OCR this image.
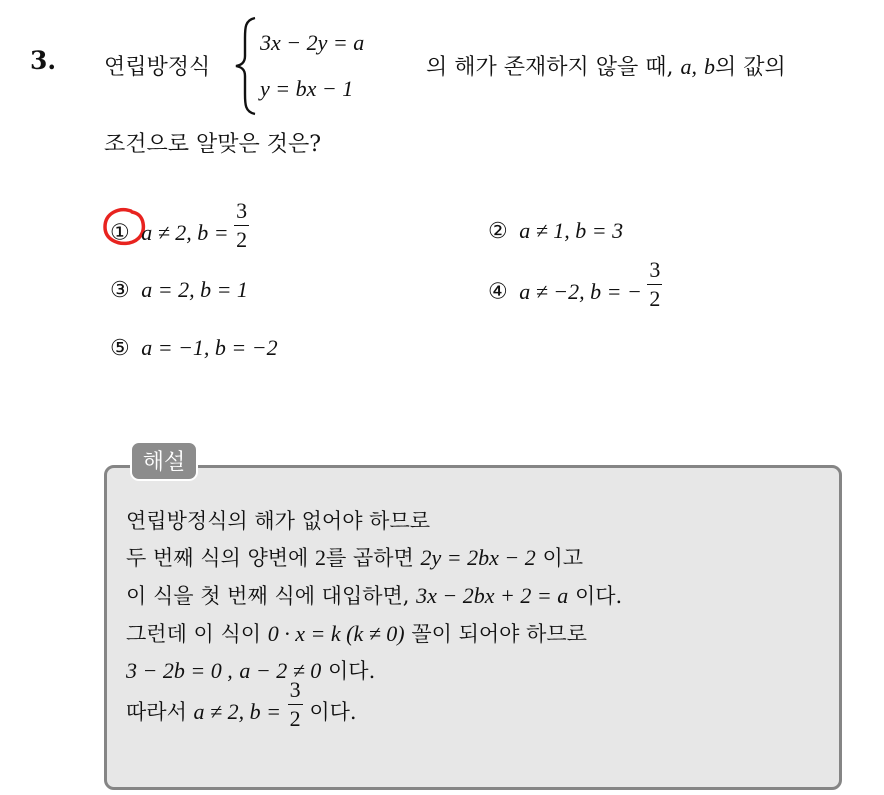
3. 연립방정식
3x − 2y = a
y = bx − 1
의 해가 존재하지 않을 때, a, b의 값의
조건으로 알맞은 것은?
① a ≠ 2, $b = \frac{3}{2}$	② a ≠ 1, b = 3
③ a = 2, b = 1	④ a ≠ −2, b = − $\frac{3}{2}$
⑤ a = −1, b = −2
해설
연립방정식의 해가 없어야 하므로
두 번째 식의 양변에 2를 곱하면 2y = 2bx − 2 이고
이 식을 첫 번째 식에 대입하면, 3x − 2bx + 2 = a 이다.
그런데 이 식이 0 · x = k (k ≠ 0) 꼴이 되어야 하므로
3 − 2b = 0 , a − 2 ≠ 0 이다.
따라서 a ≠ 2, $b = \frac{3}{2}$ 이다.
